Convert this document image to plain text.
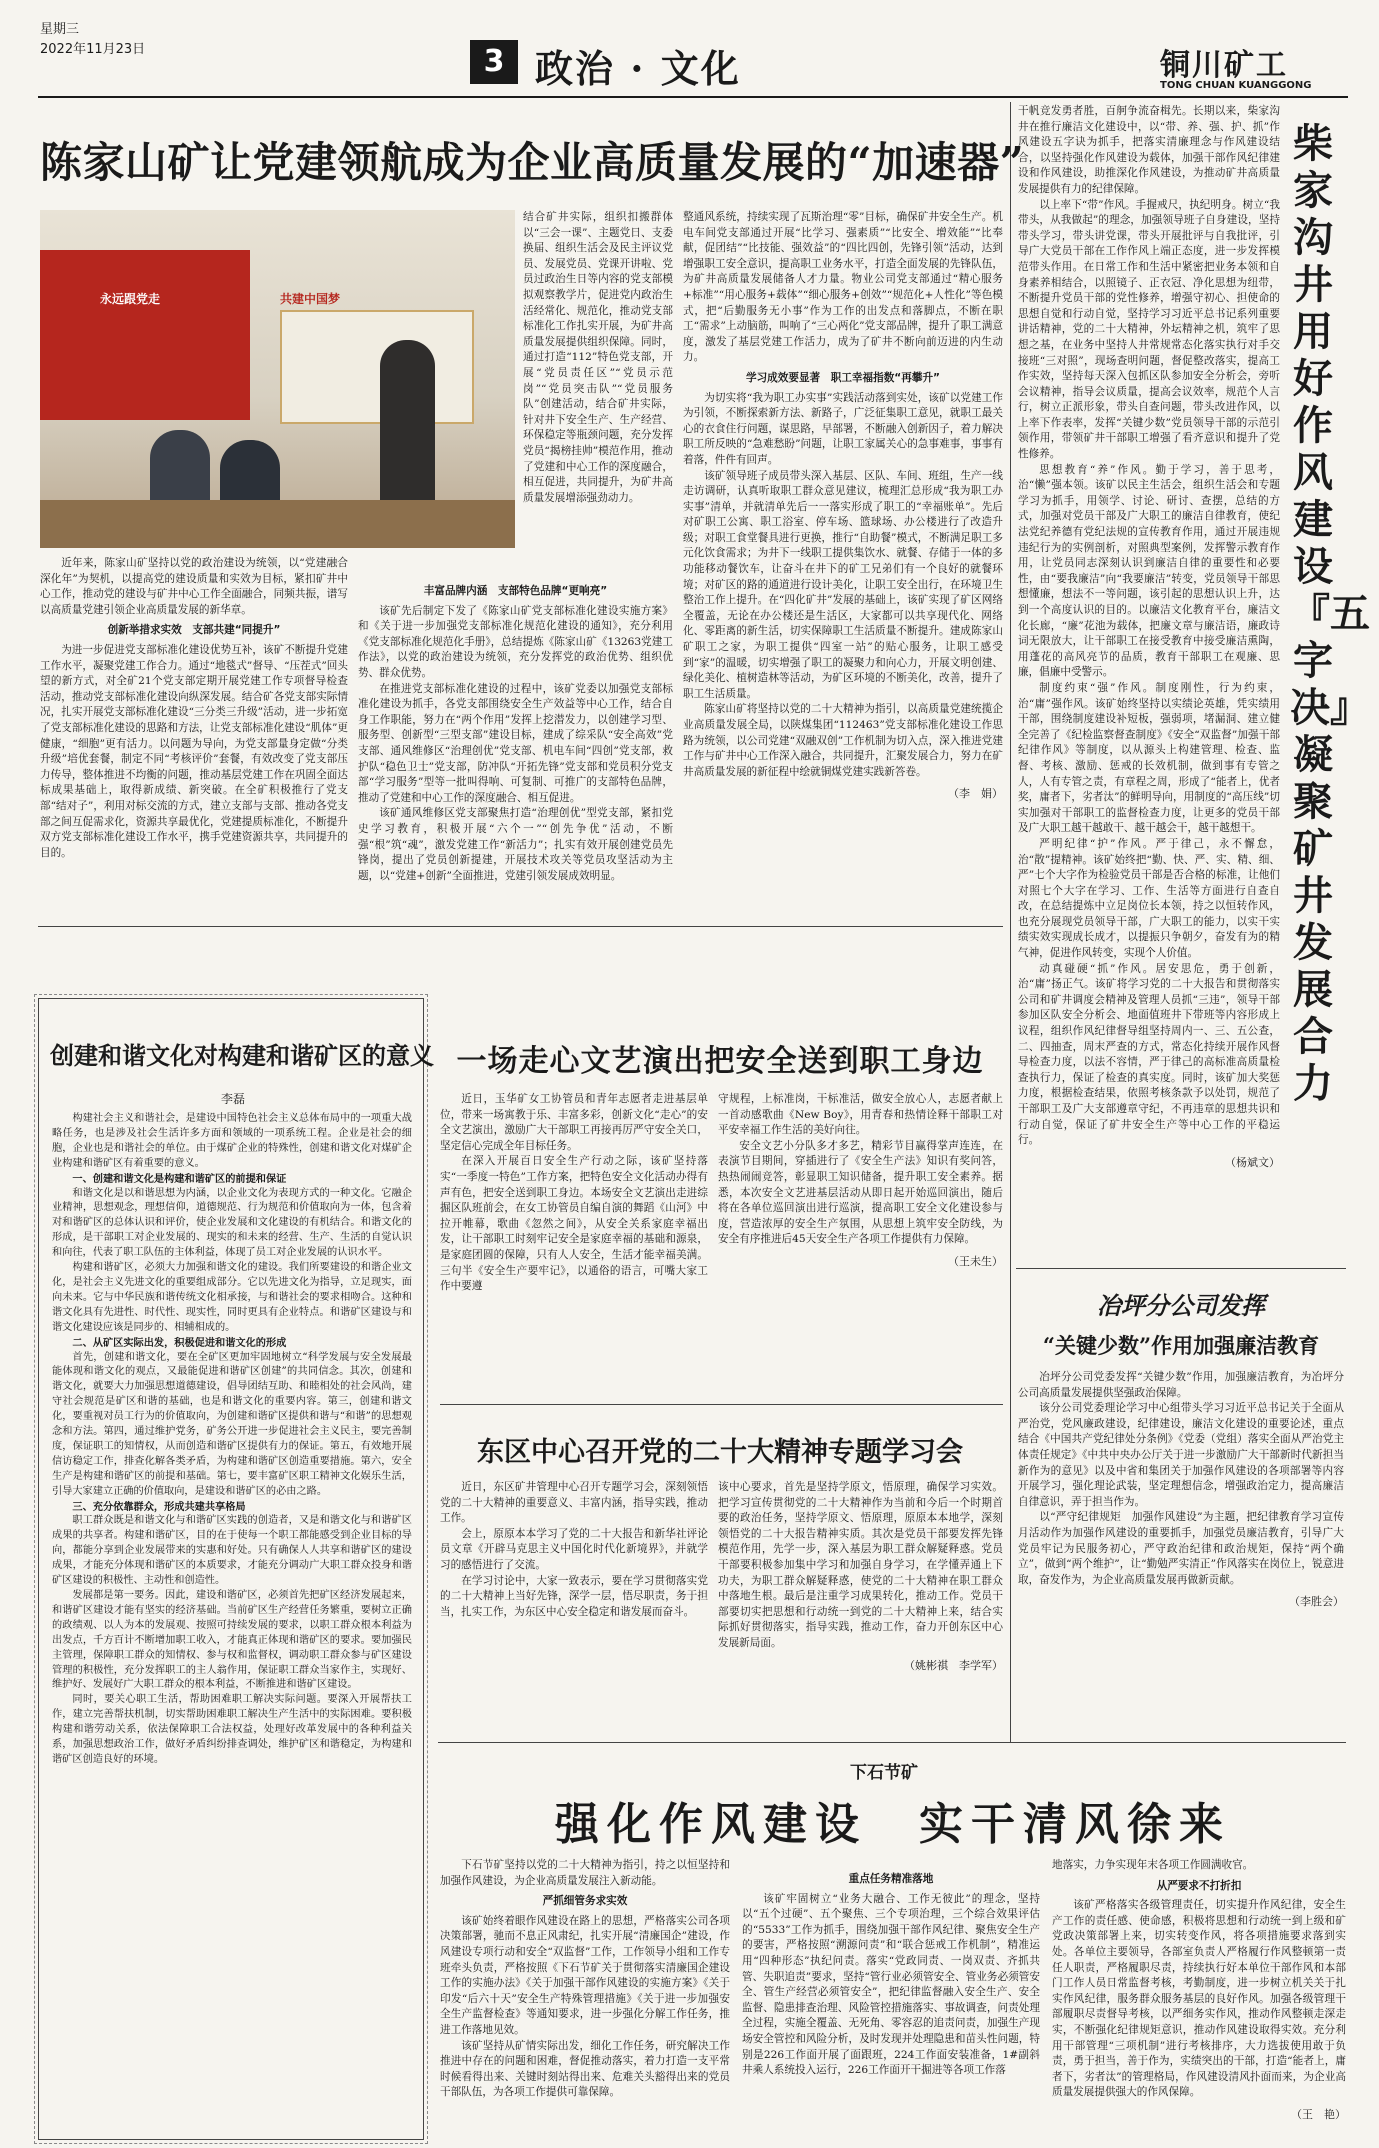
星期三
2022年11月23日	3 政治 · 文化	铜川矿工
TONG CHUAN KUANGGONG
陈家山矿让党建领航成为企业高质量发展的“加速器”
永远跟党走	共建中国梦

结合矿井实际，组织扣搬群体以“三会一课”、主题党日、支委换届、组织生活会及民主评议党员、发展党员、党课开讲啦、党员过政治生日等内容的党支部模拟观察教学片，促进党内政治生活经常化、规范化，推动党支部标准化工作扎实开展，为矿井高质量发展提供组织保障。同时，通过打造“112”特色党支部，开展“党员责任区”“党员示范岗”“党员突击队”“党员服务队”创建活动，结合矿井实际，针对井下安全生产、生产经营、环保稳定等瓶颈问题，充分发挥党员“揭榜挂帅”模范作用，推动了党建和中心工作的深度融合，相互促进，共同提升，为矿井高质量发展增添强劲动力。

近年来，陈家山矿坚持以党的政治建设为统领，以“党建融合深化年”为契机，以提高党的建设质量和实效为目标，紧扣矿井中心工作，推动党的建设与矿井中心工作全面融合，同频共振，谱写以高质量党建引领企业高质量发展的新华章。

创新举措求实效　支部共建“同提升”

为进一步促进党支部标准化建设优势互补，该矿不断提升党建工作水平，凝聚党建工作合力。通过“地毯式”督导、“压茬式”回头望的新方式，对全矿21个党支部定期开展党建工作专项督导检查活动，推动党支部标准化建设向纵深发展。结合矿各党支部实际情况，扎实开展党支部标准化建设“三分类三升级”活动，进一步拓宽了党支部标准化建设的思路和方法，让党支部标准化建设“肌体”更健康，“细胞”更有活力。以问题为导向，为党支部量身定做“分类升级”培优套餐，制定不同“考核评价”套餐，有效改变了党支部压力传导，整体推进不均衡的问题，推动基层党建工作在巩固全面达标成果基础上，取得新成绩、新突破。在全矿积极推行了党支部“结对子”，利用对标交流的方式，建立支部与支部、推动各党支部之间互促需求化，资源共享最优化，党建提质标准化，不断提升双方党支部标准化建设工作水平，携手党建资源共享，共同提升的目的。

丰富品牌内涵　支部特色品牌“更响亮”

该矿先后制定下发了《陈家山矿党支部标准化建设实施方案》和《关于进一步加强党支部标准化规范化建设的通知》，充分利用《党支部标准化规范化手册》，总结提炼《陈家山矿《13263党建工作法》，以党的政治建设为统领，充分发挥党的政治优势、组织优势、群众优势。

在推进党支部标准化建设的过程中，该矿党委以加强党支部标准化建设为抓手，各党支部围绕安全生产效益等中心工作，结合自身工作职能，努力在“两个作用”发挥上挖潜发力，以创建学习型、服务型、创新型“三型支部”建设目标，建成了综采队“安全高效”党支部、通风维修区“治理创优”党支部、机电车间“四创”党支部，救护队“稳色卫士”党支部，防冲队“开拓先锋”党支部和党员积分党支部“学习服务”型等一批叫得响、可复制、可推广的支部特色品牌，推动了党建和中心工作的深度融合、相互促进。

该矿通风维修区党支部聚焦打造“治理创优”型党支部，紧扣党史学习教育，积极开展“六个一”“创先争优”活动，不断强“根”筑“魂”，激发党建工作“新活力”；扎实有效开展创建党员先锋岗，提出了党员创新提建，开展技术攻关等党员攻坚活动为主题，以“党建+创新”全面推进，党建引领发展成效明显。

整通风系统，持续实现了瓦斯治理“零”目标，确保矿井安全生产。机电车间党支部通过开展“比学习、强素质”“比安全、增效能”“比奉献，促团结”“比技能、强效益”的“四比四创，先锋引领”活动，达到增强职工安全意识，提高职工业务水平，打造全面发展的先锋队伍，为矿井高质量发展储备人才力量。物业公司党支部通过“精心服务+标准”“用心服务+载体”“细心服务+创效”“规范化+人性化”等色模式，把“后勤服务无小事”作为工作的出发点和落脚点，不断在职工“需求”上动脑筋，叫响了“三心两化”党支部品牌，提升了职工满意度，激发了基层党建工作活力，成为了矿井不断向前迈进的内生动力。

学习成效要显著　职工幸福指数“再攀升”

为切实将“我为职工办实事”实践活动落到实处，该矿以党建工作为引领，不断探索新方法、新路子，广泛征集职工意见，就职工最关心的衣食住行问题，谋思路，早部署，不断融入创新因子，着力解决职工所反映的“急难愁盼”问题，让职工家属关心的急事难事，事事有着落，件件有回声。

该矿领导班子成员带头深入基层、区队、车间、班组，生产一线走访调研，认真听取职工群众意见建议，梳理汇总形成“我为职工办实事”清单，并就清单先后一一落实形成了职工的“幸福账单”。先后对矿职工公寓、职工浴室、停车场、篮球场、办公楼进行了改造升级；对职工食堂餐具进行更换，推行“自助餐”模式，不断满足职工多元化饮食需求；为井下一线职工提供集饮水、就餐、存储于一体的多功能移动餐饮车，让奋斗在井下的矿工兄弟们有一个良好的就餐环境；对矿区的路的通道进行设计美化，让职工安全出行，在环境卫生整治工作上提升。在“四化矿井”发展的基础上，该矿实现了矿区网络全覆盖，无论在办公楼还是生活区，大家都可以共享现代化、网络化、零距离的新生活，切实保障职工生活质量不断提升。建成陈家山矿职工之家，为职工提供“四室一站”的贴心服务，让职工感受到“家”的温暖，切实增强了职工的凝聚力和向心力，开展文明创建、绿化美化、植树造林等活动，为矿区环境的不断美化，改善，提升了职工生活质量。

陈家山矿将坚持以党的二十大精神为指引，以高质量党建统揽企业高质量发展全局，以陕煤集团“112463”党支部标准化建设工作思路为统领，以公司党建“双融双创”工作机制为切入点，深入推进党建工作与矿井中心工作深入融合，共同提升，汇聚发展合力，努力在矿井高质量发展的新征程中绘就铜煤党建实践新答卷。

（李　娟）

干帆竞发勇者胜，百舸争流奋楫先。长期以来，柴家沟井在推行廉洁文化建设中，以“带、养、强、护、抓”作风建设五字诀为抓手，把落实清廉理念与作风建设结合，以坚持强化作风建设为载体，加强干部作风纪律建设和作风建设，助推深化作风建设，为推动矿井高质量发展提供有力的纪律保障。

以上率下“带”作风。手握戒尺，执纪明身。树立“我带头，从我做起”的理念，加强领导班子自身建设，坚持带头学习，带头讲党课，带头开展批评与自我批评，引导广大党员干部在工作作风上端正态度，进一步发挥模范带头作用。在日常工作和生活中紧密把业务本领和自身素养相结合，以照镜子、正衣冠、净化思想为纽带，不断提升党员干部的党性修养，增强守初心、担使命的思想自觉和行动自觉，坚持学习习近平总书记系列重要讲话精神，党的二十大精神，外坛精神之机，筑牢了思想之基，在业务中坚持人井常规常态化落实执行对手交接班“三对照”，现场查明问题，督促整改落实，提高工作实效，坚持每天深入包抓区队参加安全分析会，旁听会议精神，指导会议质量，提高会议效率，规范个人言行，树立正派形象，带头自查问题，带头改进作风，以上率下作表率，发挥“关键少数”党员领导干部的示范引领作用，带领矿井干部职工增强了看齐意识和提升了党性修养。

思想教育“养”作风。勤于学习，善于思考，治“懒”强本领。该矿以民主生活会，组织生活会和专题学习为抓手，用领学、讨论、研讨、查摆，总结的方式，加强对党员干部及广大职工的廉洁自律教育，使纪法党纪养德有党纪法规的宣传教育作用，通过开展违规违纪行为的实例剖析，对照典型案例，发挥警示教育作用，让党员同志深刻认识到廉洁自律的重要性和必要性，由“要我廉洁”向“我要廉洁”转变，党员领导干部思想懂廉，想法不一等问题，该引起的思想认识上升，达到一个高度认识的目的。以廉洁文化教育平台，廉洁文化长廊，“廉”花池为载体，把廉文章与廉洁语，廉政诗词无限放大，让干部职工在接受教育中接受廉洁熏陶，用蓬花的高风亮节的品质，教育干部职工在观廉、思廉，倡廉中受警示。

制度约束“强”作风。制度刚性，行为约束，治“庸”强作风。该矿始终坚持以实绩论英雄，凭实绩用干部，围绕制度建设补短板，强弱项，堵漏洞、建立健全完善了《纪检监察督查制度》《安全“双监督”加强干部纪律作风》等制度，以从源头上构建管理、检查、监督、考核、激励、惩戒的长效机制，做到事有专管之人，人有专管之责，有章程之周，形成了“能者上，优者奖，庸者下，劣者汰”的鲜明导向，用制度的“高压线”切实加强对干部职工的监督检查力度，让更多的党员干部及广大职工越干越敢干、越干越会干，越干越想干。

严明纪律“护”作风。严于律己，永不懈怠，治“散”提精神。该矿始终把“勤、快、严、实、精、细、严”七个大字作为检验党员干部是否合格的标准，让他们对照七个大字在学习、工作、生活等方面进行自查自改，在总结提炼中立足岗位长本领，持之以恒转作风，也充分展现党员领导干部，广大职工的能力，以实干实绩实效实现成长成才，以提振只争朝夕，奋发有为的精气神，促进作风转变，实现个人价值。

动真碰硬“抓”作风。居安思危，勇于创新，治“庸”扬正气。该矿将学习党的二十大报告和贯彻落实公司和矿井调度会精神及管理人员抓“三违”，领导干部参加区队安全分析会、地面值班井下带班等内容形成上议程，组织作风纪律督导组坚持周内一、三、五公查，二、四抽查，周末严查的方式，常态化持续开展作风督导检查力度，以法不容情，严于律己的高标准高质量检查执行力，保证了检查的真实度。同时，该矿加大奖惩力度，根据检查结果，依照考核条款予以处罚，规范了干部职工及广大支部遵章守纪，不再违章的思想共识和行动自觉，保证了矿井安全生产等中心工作的平稳运行。

（杨斌文）
柴家沟井用好作风建设『五字决』凝聚矿井发展合力
创建和谐文化对构建和谐矿区的意义
李磊

构建社会主义和谐社会，是建设中国特色社会主义总体布局中的一项重大战略任务，也是涉及社会生活许多方面和领域的一项系统工程。企业是社会的细胞，企业也是和谐社会的单位。由于煤矿企业的特殊性，创建和谐文化对煤矿企业构建和谐矿区有着重要的意义。

一、创建和谐文化是构建和谐矿区的前提和保证

和谐文化是以和谐思想为内涵，以企业文化为表现方式的一种文化。它融企业精神，思想观念，理想信仰，道德规范、行为规范和价值取向为一体，包含着对和谐矿区的总体认识和评价，使企业发展和文化建设的有机结合。和谐文化的形成，是干部职工对企业发展的、现实的和未来的经营、生产、生活的自觉认识和向往，代表了职工队伍的主体利益，体现了员工对企业发展的认识水平。

构建和谐矿区，必须大力加强和谐文化的建设。我们所要建设的和谐企业文化，是社会主义先进文化的重要组成部分。它以先进文化为指导，立足现实，面向未来。它与中华民族和谐传统文化相承接，与和谐社会的要求相吻合。这种和谐文化具有先进性、时代性、现实性，同时更具有企业特点。和谐矿区建设与和谐文化建设应该是同步的、相辅相成的。

二、从矿区实际出发，积极促进和谐文化的形成

首先，创建和谐文化，要在全矿区更加牢固地树立“科学发展与安全发展最能体现和谐文化的观点，又最能促进和谐矿区创建”的共同信念。其次，创建和谐文化，就要大力加强思想道德建设，倡导团结互助、和睦相处的社会风尚，建守社会规范是矿区和谐的基础，也是和谐文化的重要内容。第三，创建和谐文化，要重视对员工行为的价值取向，为创建和谐矿区提供和谐与“和谐”的思想观念和方法。第四，通过维护党务，矿务公开进一步促进社会主义民主，要完善制度，保证职工的知情权，从而创造和谐矿区提供有力的保证。第五，有效地开展信访稳定工作，排查化解各类矛盾，为构建和谐矿区创造重要措施。第六，安全生产是构建和谐矿区的前提和基础。第七，要丰富矿区职工精神文化娱乐生活，引导大家建立正确的价值取向，是建设和谐矿区的必由之路。

三、充分依靠群众，形成共建共享格局

职工群众既是和谐文化与和谐矿区实践的创造者，又是和谐文化与和谐矿区成果的共享者。构建和谐矿区，目的在于使每一个职工都能感受到企业目标的导向，都能分享到企业发展带来的实惠和好处。只有确保人人共享和谐矿区的建设成果，才能充分体现和谐矿区的本质要求，才能充分调动广大职工群众投身和谐矿区建设的积极性、主动性和创造性。

发展都是第一要务。因此，建设和谐矿区，必须首先把矿区经济发展起来，和谐矿区建设才能有坚实的经济基础。当前矿区生产经营任务繁重，要树立正确的政绩观、以人为本的发展观、按照可持续发展的要求，以职工群众根本利益为出发点，千方百计不断增加职工收入，才能真正体现和谐矿区的要求。要加强民主管理，保障职工群众的知情权、参与权和监督权，调动职工群众参与矿区建设管理的积极性，充分发挥职工的主人翁作用，保证职工群众当家作主，实现好、维护好、发展好广大职工群众的根本利益，不断推进和谐矿区建设。

同时，要关心职工生活，帮助困难职工解决实际问题。要深入开展帮扶工作，建立完善帮扶机制，切实帮助困难职工解决生产生活中的实际困难。要积极构建和谐劳动关系，依法保障职工合法权益，处理好改革发展中的各种利益关系，加强思想政治工作，做好矛盾纠纷排查调处，维护矿区和谐稳定，为构建和谐矿区创造良好的环境。

一场走心文艺演出把安全送到职工身边

近日，玉华矿女工协管员和青年志愿者走进基层单位，带来一场寓教于乐、丰富多彩，创新文化“走心”的安全文艺演出，激励广大干部职工再接再厉严守安全关口，坚定信心完成全年目标任务。

在深入开展百日安全生产行动之际，该矿坚持落实“一季度一特色”工作方案，把特色安全文化活动办得有声有色，把安全送到职工身边。本场安全文艺演出走进综掘区队班前会，在女工协管员自编自演的舞蹈《山河》中拉开帷幕，歌曲《忽然之间》，从安全关系家庭幸福出发，让干部职工时刻牢记安全是家庭幸福的基础和源泉，是家庭团圆的保障，只有人人安全，生活才能幸福美满。三句半《安全生产要牢记》，以通俗的语言，可嘴大家工作中要遵

守规程，上标准岗，干标准活，做安全放心人，志愿者献上一首动感歌曲《New Boy》，用青春和热情诠释干部职工对平安幸福工作生活的美好向往。

安全文艺小分队多才多艺，精彩节目赢得掌声连连，在表演节目期间，穿插进行了《安全生产法》知识有奖问答，热热闹闹竞答，彰显职工知识储备，提升职工安全素养。据悉，本次安全文艺进基层活动从即日起开始巡回演出，随后将在各单位巡回演出进行巡演，提高职工安全文化建设参与度，营造浓厚的安全生产氛围，从思想上筑牢安全防线，为安全有序推进后45天安全生产各项工作提供有力保障。

（王未生）
东区中心召开党的二十大精神专题学习会

近日，东区矿井管理中心召开专题学习会，深刻领悟党的二十大精神的重要意义、丰富内涵，指导实践，推动工作。

会上，原原本本学习了党的二十大报告和新华社评论员文章《开辟马克思主义中国化时代化新境界》，并就学习的感悟进行了交流。

在学习讨论中，大家一致表示，要在学习贯彻落实党的二十大精神上当好先锋，深学一层，悟尽职责，务于担当，扎实工作，为东区中心安全稳定和谐发展而奋斗。

该中心要求，首先是坚持学原文，悟原理，确保学习实效。把学习宣传贯彻党的二十大精神作为当前和今后一个时期首要的政治任务，坚持学原文、悟原理，原原本本地学，深刻领悟党的二十大报告精神实质。其次是党员干部要发挥先锋模范作用，先学一步，深入基层为职工群众解疑释惑。党员干部要积极参加集中学习和加强自身学习，在学懂弄通上下功夫，为职工群众解疑释惑，使党的二十大精神在职工群众中落地生根。最后是注重学习成果转化，推动工作。党员干部要切实把思想和行动统一到党的二十大精神上来，结合实际抓好贯彻落实，指导实践，推动工作，奋力开创东区中心发展新局面。

（姚彬祺　李学军）
冶坪分公司发挥
“关键少数”作用加强廉洁教育

冶坪分公司党委发挥“关键少数”作用，加强廉洁教育，为冶坪分公司高质量发展提供坚强政治保障。

该分公司党委理论学习中心组带头学习习近平总书记关于全面从严治党，党风廉政建设，纪律建设，廉洁文化建设的重要论述，重点结合《中国共产党纪律处分条例》《党委（党组）落实全面从严治党主体责任规定》《中共中央办公厅关于进一步激励广大干部新时代新担当新作为的意见》以及中省和集团关于加强作风建设的各项部署等内容开展学习，强化理论武装，坚定理想信念，增强政治定力，提高廉洁自律意识，弄于担当作为。

以“严守纪律规矩　加强作风建设”为主题，把纪律教育学习宣传月活动作为加强作风建设的重要抓手，加强党员廉洁教育，引导广大党员牢记为民服务初心，严守政治纪律和政治规矩，保持“两个确立”，做到“两个维护”，让“勤勉严实清正”作风落实在岗位上，锐意进取，奋发作为，为企业高质量发展再做新贡献。

（李胜会）
下石节矿
强化作风建设　实干清风徐来

下石节矿坚持以党的二十大精神为指引，持之以恒坚持和加强作风建设，为企业高质量发展注入新动能。

严抓细管务求实效

该矿始终着眼作风建设在路上的思想，严格落实公司各项决策部署，驰而不息正风肃纪，扎实开展“清廉国企”建设，作风建设专项行动和安全“双监督”工作，工作领导小组和工作专班牵头负责，严格按照《下石节矿关于贯彻落实清廉国企建设工作的实施办法》《关于加强干部作风建设的实施方案》《关于印发“后六十天”安全生产特殊管理措施》《关于进一步加强安全生产监督检查》等通知要求，进一步强化分解工作任务，推进工作落地见效。

该矿坚持从矿情实际出发，细化工作任务，研究解决工作推进中存在的问题和困难，督促推动落实，着力打造一支平常时候看得出来、关键时刻站得出来、危难关头豁得出来的党员干部队伍，为各项工作提供可靠保障。

重点任务精准落地

该矿牢固树立“业务大融合、工作无彼此”的理念，坚持以“五个过硬”、五个聚焦、三个专项治理，三个综合效果评估的“5533”工作为抓手，围绕加强干部作风纪律、聚焦安全生产的要害，严格按照“溯源问责”和“联合惩戒工作机制”，精准运用“四种形态”执纪问责。落实“党政同责、一岗双责、齐抓共管、失职追责”要求，坚持“管行业必须管安全、管业务必须管安全、管生产经营必须管安全”，把纪律监督融入安全生产、安全监督、隐患排查治理、风险管控措施落实、事故调查，问责处理全过程，实施全覆盖、无死角、零容忍的追责问责，加强生产现场安全管控和风险分析，及时发现并处理隐患和苗头性问题，特别是226工作面开展了面跟班，224工作面安装准备，1#副斜井乘人系统投入运行，226工作面开干掘进等各项工作落

地落实，力争实现年末各项工作圆满收官。

从严要求不打折扣

该矿严格落实各级管理责任，切实提升作风纪律，安全生产工作的责任感、使命感，积极将思想和行动统一到上级和矿党政决策部署上来，切实转变作风，将各项措施要求落到实处。各单位主要领导，各部室负责人严格履行作风整顿第一责任人职责，严格履职尽责，持续执行好本单位干部作风和本部门工作人员日常监督考核，考勤制度，进一步树立机关关于扎实作风纪律，服务群众服务基层的良好作风。加强各级管理干部履职尽责督导考核，以严细务实作风，推动作风整顿走深走实，不断强化纪律规矩意识，推动作风建设取得实效。充分利用干部管理“三项机制”进行考核排序，大力选拔使用敢于负责，勇于担当，善于作为，实绩突出的干部，打造“能者上，庸者下，劣者汰”的管理格局，作风建设清风扑面而来，为企业高质量发展提供强大的作风保障。

（王　艳）
